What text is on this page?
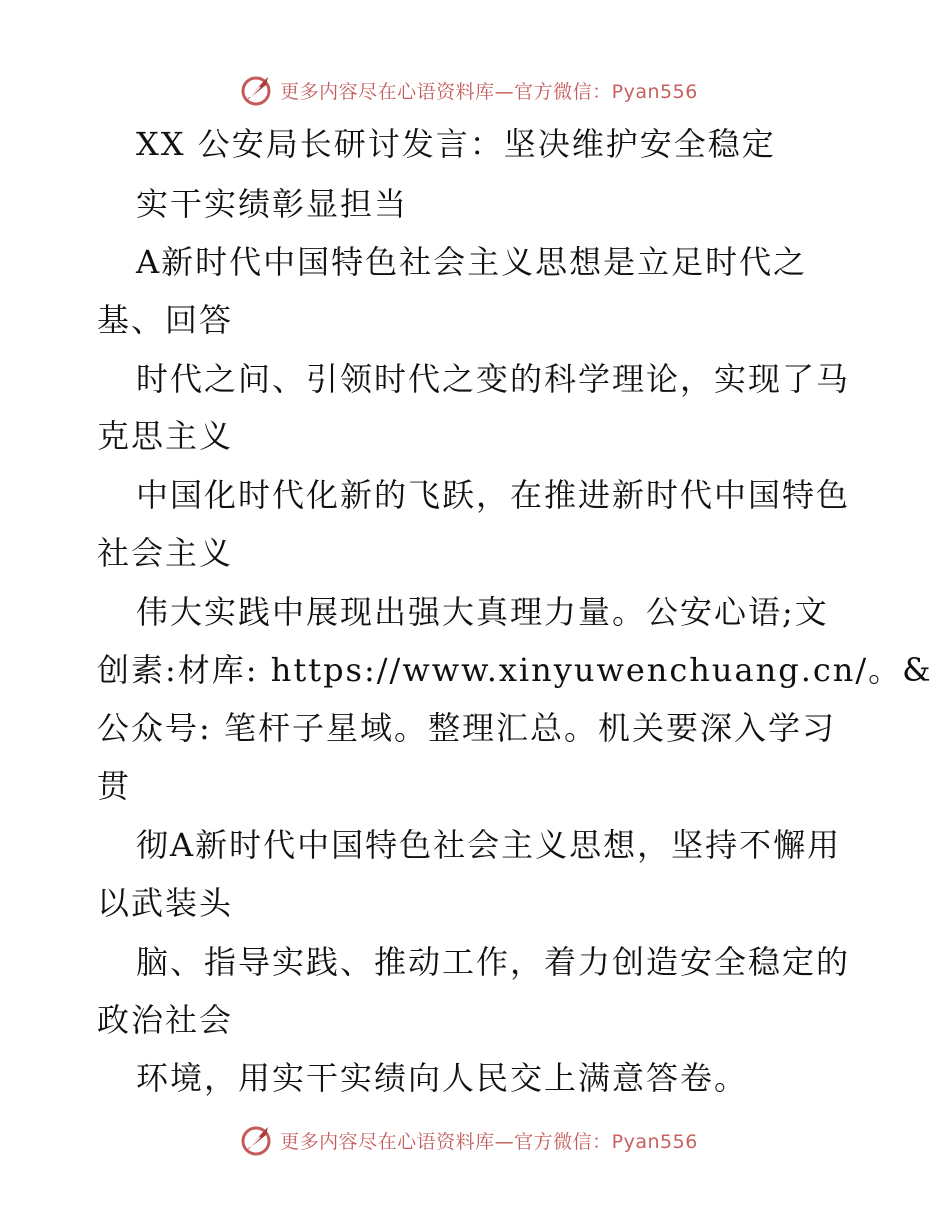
更多内容尽在心语资料库—官方微信：Pyan556
XX 公安局长研讨发言：坚决维护安全稳定
实干实绩彰显担当
A新时代中国特色社会主义思想是立足时代之
基、回答
时代之问、引领时代之变的科学理论，实现了马
克思主义
中国化时代化新的飞跃，在推进新时代中国特色
社会主义
伟大实践中展现出强大真理力量。公安心语;文
创素:材库: https://www.xinyuwenchuang.cn/。&
公众号: 笔杆子星域。整理汇总。机关要深入学习
贯
彻A新时代中国特色社会主义思想，坚持不懈用
以武装头
脑、指导实践、推动工作，着力创造安全稳定的
政治社会
环境，用实干实绩向人民交上满意答卷。
更多内容尽在心语资料库—官方微信：Pyan556
